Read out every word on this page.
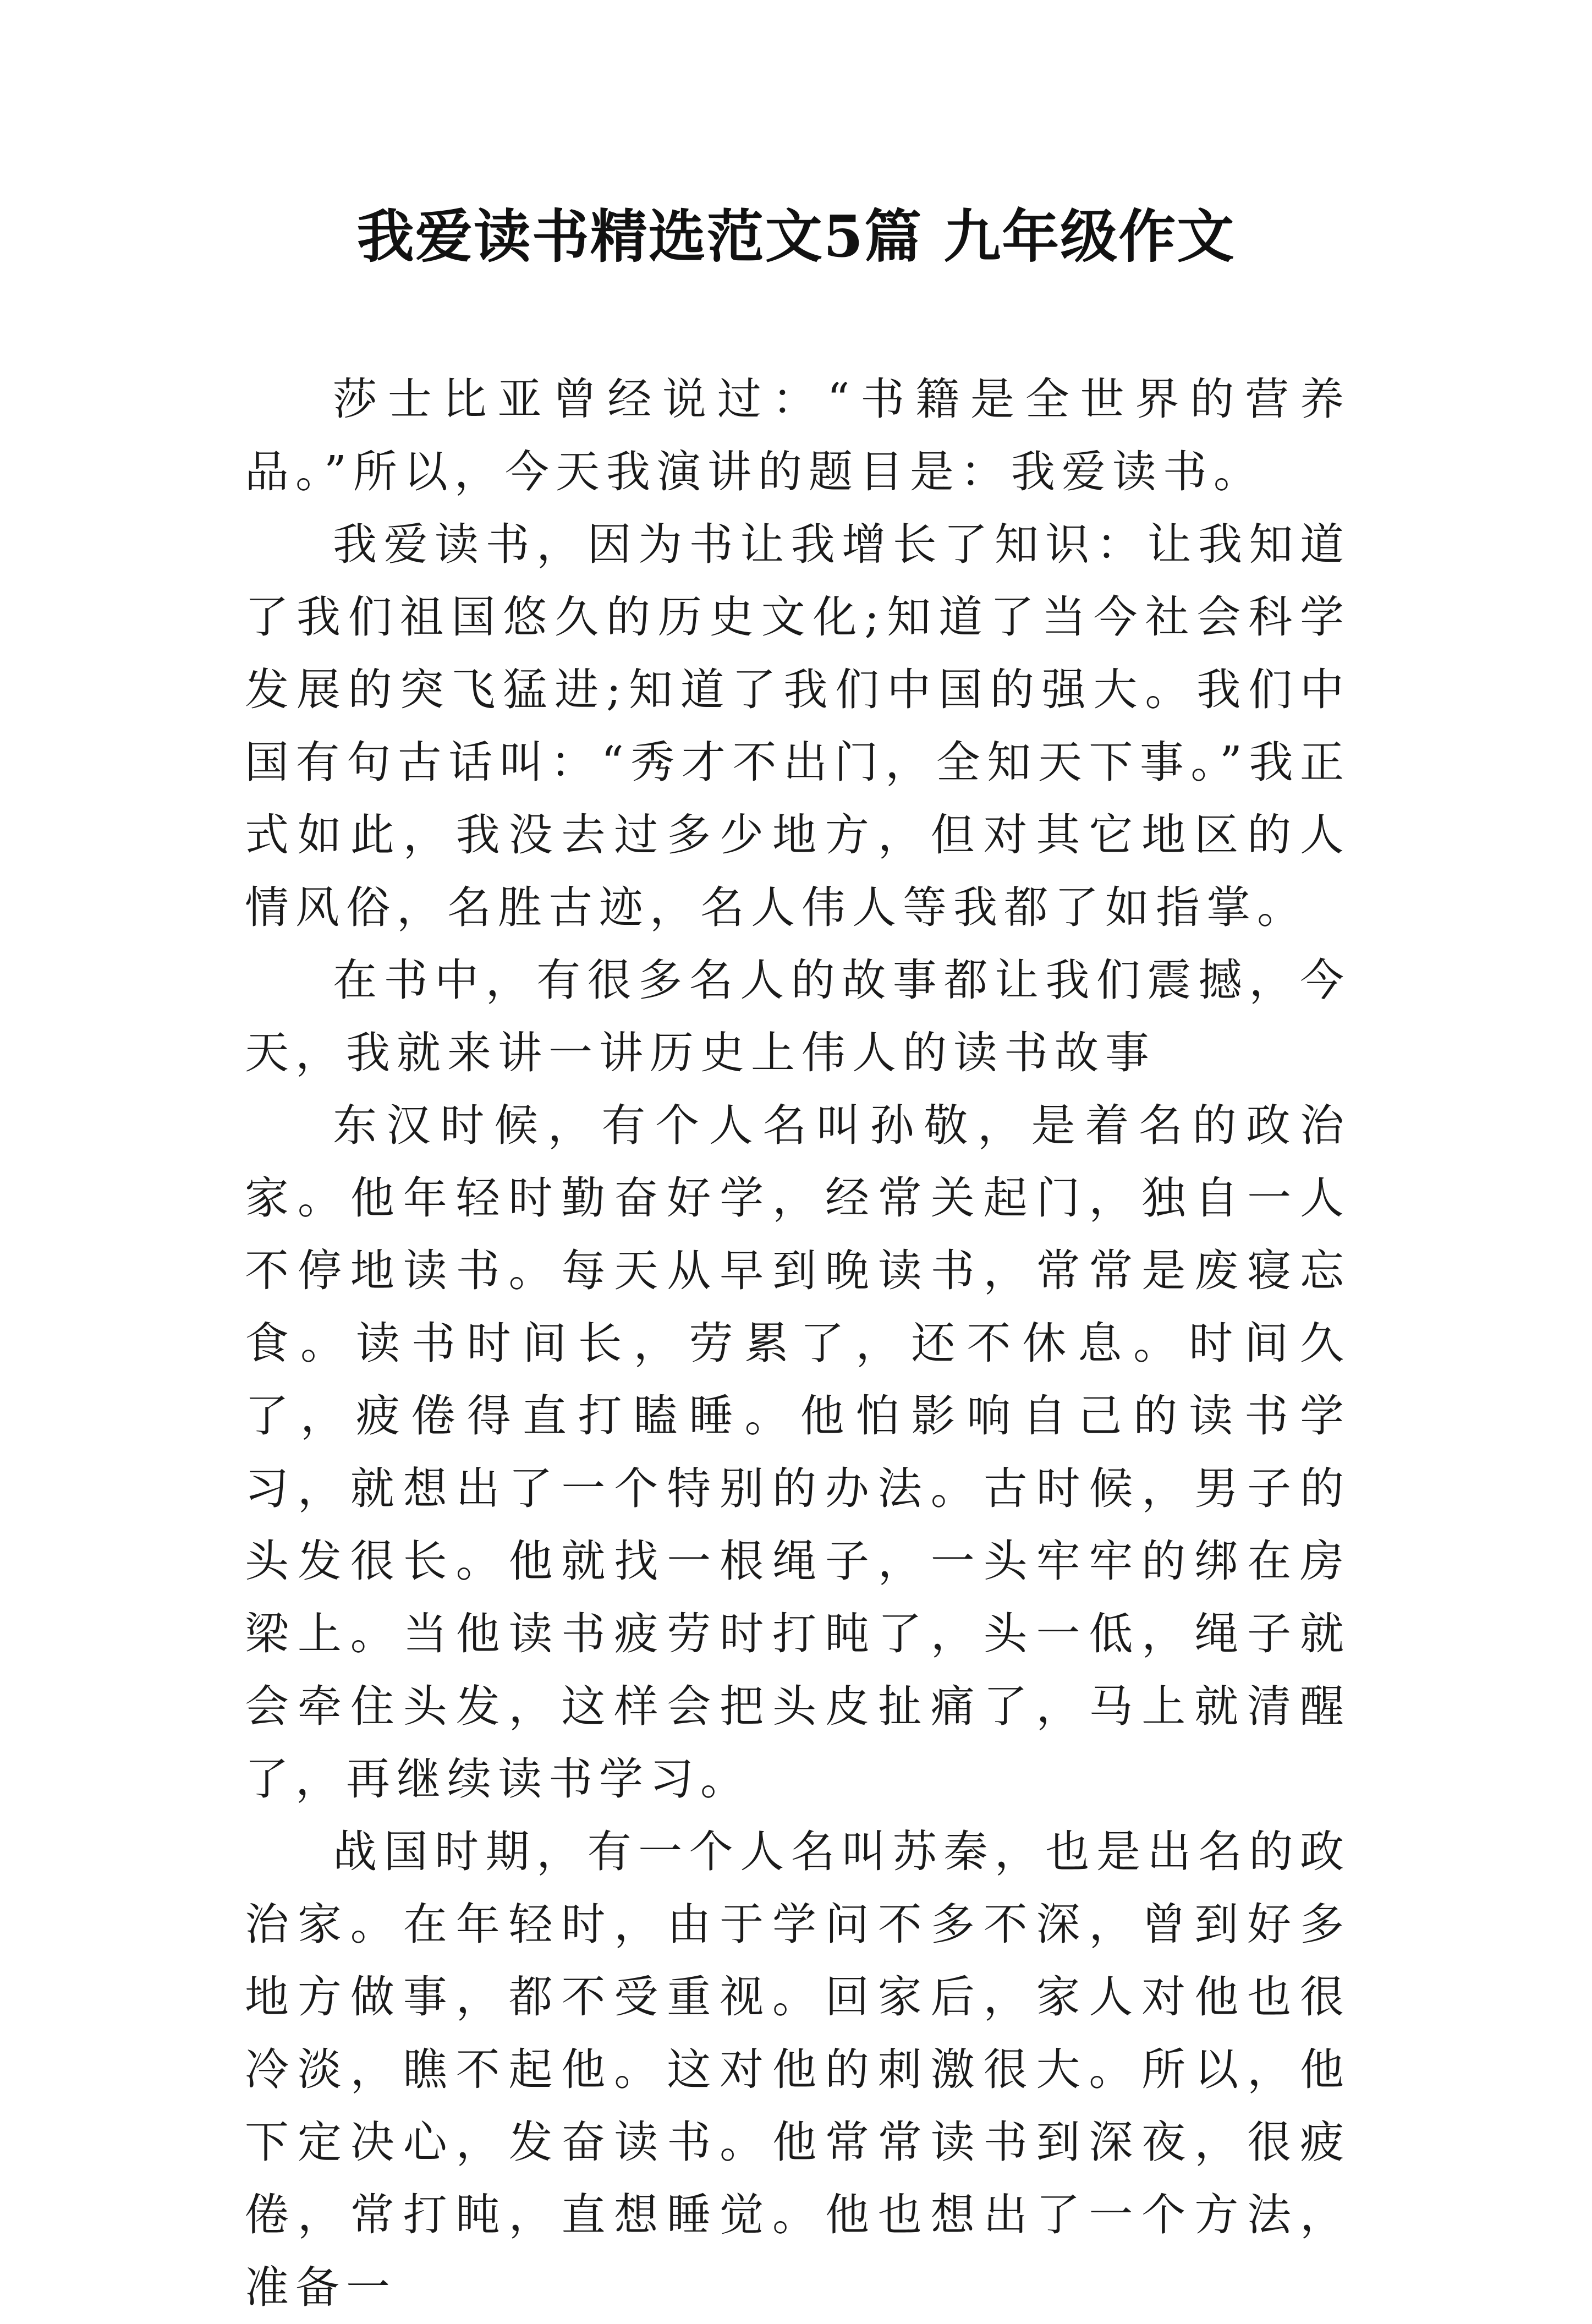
我爱读书精选范文5篇 九年级作文

莎士比亚曾经说过：“书籍是全世界的营养品。”所以，今天我演讲的题目是：我爱读书。

我爱读书，因为书让我增长了知识：让我知道了我们祖国悠久的历史文化;知道了当今社会科学发展的突飞猛进;知道了我们中国的强大。我们中国有句古话叫：“秀才不出门，全知天下事。”我正式如此，我没去过多少地方，但对其它地区的人情风俗，名胜古迹，名人伟人等我都了如指掌。

在书中，有很多名人的故事都让我们震撼，今天，我就来讲一讲历史上伟人的读书故事

东汉时候，有个人名叫孙敬，是着名的政治家。他年轻时勤奋好学，经常关起门，独自一人不停地读书。每天从早到晚读书，常常是废寝忘食。读书时间长，劳累了，还不休息。时间久了，疲倦得直打瞌睡。他怕影响自己的读书学习，就想出了一个特别的办法。古时候，男子的头发很长。他就找一根绳子，一头牢牢的绑在房梁上。当他读书疲劳时打盹了，头一低，绳子就会牵住头发，这样会把头皮扯痛了，马上就清醒了，再继续读书学习。

战国时期，有一个人名叫苏秦，也是出名的政治家。在年轻时，由于学问不多不深，曾到好多地方做事，都不受重视。回家后，家人对他也很冷淡，瞧不起他。这对他的刺激很大。所以，他下定决心，发奋读书。他常常读书到深夜，很疲倦，常打盹，直想睡觉。他也想出了一个方法，准备一
